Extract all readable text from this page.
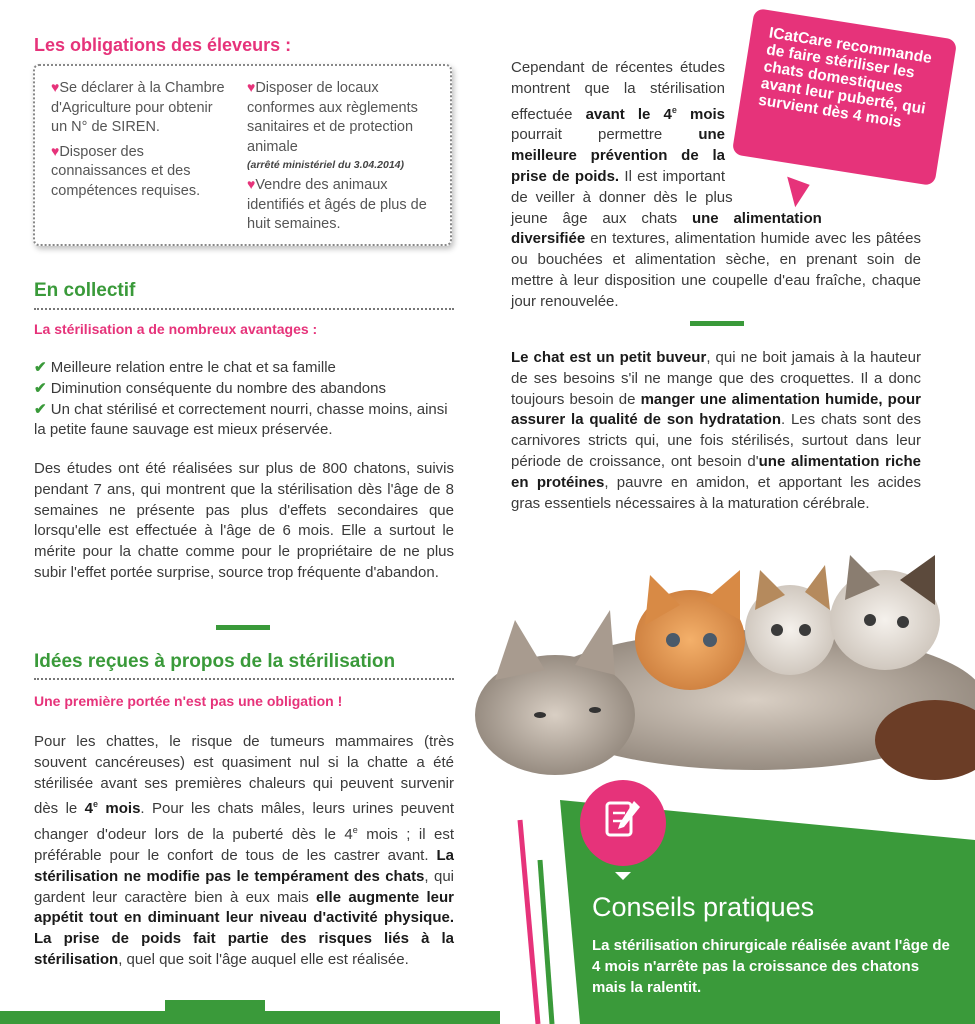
Les obligations des éleveurs :

♥Se déclarer à la Chambre d'Agriculture pour obtenir un N° de SIREN.

♥Disposer des connaissances et des compétences requises.

♥Disposer de locaux conformes aux règlements sanitaires et de protection animale

(arrêté ministériel du 3.04.2014)

♥Vendre des animaux identifiés et âgés de plus de huit semaines.

En collectif
La stérilisation a de nombreux avantages :
✔ Meilleure relation entre le chat et sa famille
✔ Diminution conséquente du nombre des abandons
✔ Un chat stérilisé et correctement nourri, chasse moins, ainsi la petite faune sauvage est mieux préservée.
Des études ont été réalisées sur plus de 800 chatons, suivis pendant 7 ans, qui montrent que la stérilisation dès l'âge de 8 semaines ne présente pas plus d'effets secondaires que lorsqu'elle est effectuée à l'âge de 6 mois. Elle a surtout le mérite pour la chatte comme pour le propriétaire de ne plus subir l'effet portée surprise, source trop fréquente d'abandon.
Idées reçues à propos de la stérilisation
Une première portée n'est pas une obligation !
Pour les chattes, le risque de tumeurs mammaires (très souvent cancéreuses) est quasiment nul si la chatte a été stérilisée avant ses premières chaleurs qui peuvent survenir dès le 4e mois. Pour les chats mâles, leurs urines peuvent changer d'odeur lors de la puberté dès le 4e mois ; il est préférable pour le confort de tous de les castrer avant. La stérilisation ne modifie pas le tempérament des chats, qui gardent leur caractère bien à eux mais elle augmente leur appétit tout en diminuant leur niveau d'activité physique. La prise de poids fait partie des risques liés à la stérilisation, quel que soit l'âge auquel elle est réalisée.
Cependant de récentes études montrent que la stérilisation effectuée avant le 4e mois pourrait permettre une meilleure prévention de la prise de poids. Il est important de veiller à donner dès le plus jeune âge aux chats une alimentation diversifiée en textures, alimentation humide avec les pâtées ou bouchées et alimentation sèche, en prenant soin de mettre à leur disposition une coupelle d'eau fraîche, chaque jour renouvelée.
ICatCare recommande de faire stériliser les chats domestiques avant leur puberté, qui survient dès 4 mois
Le chat est un petit buveur, qui ne boit jamais à la hauteur de ses besoins s'il ne mange que des croquettes. Il a donc toujours besoin de manger une alimentation humide, pour assurer la qualité de son hydratation. Les chats sont des carnivores stricts qui, une fois stérilisés, surtout dans leur période de croissance, ont besoin d'une alimentation riche en protéines, pauvre en amidon, et apportant les acides gras essentiels nécessaires à la maturation cérébrale.
Conseils pratiques
La stérilisation chirurgicale réalisée avant l'âge de 4 mois n'arrête pas la croissance des chatons mais la ralentit.
